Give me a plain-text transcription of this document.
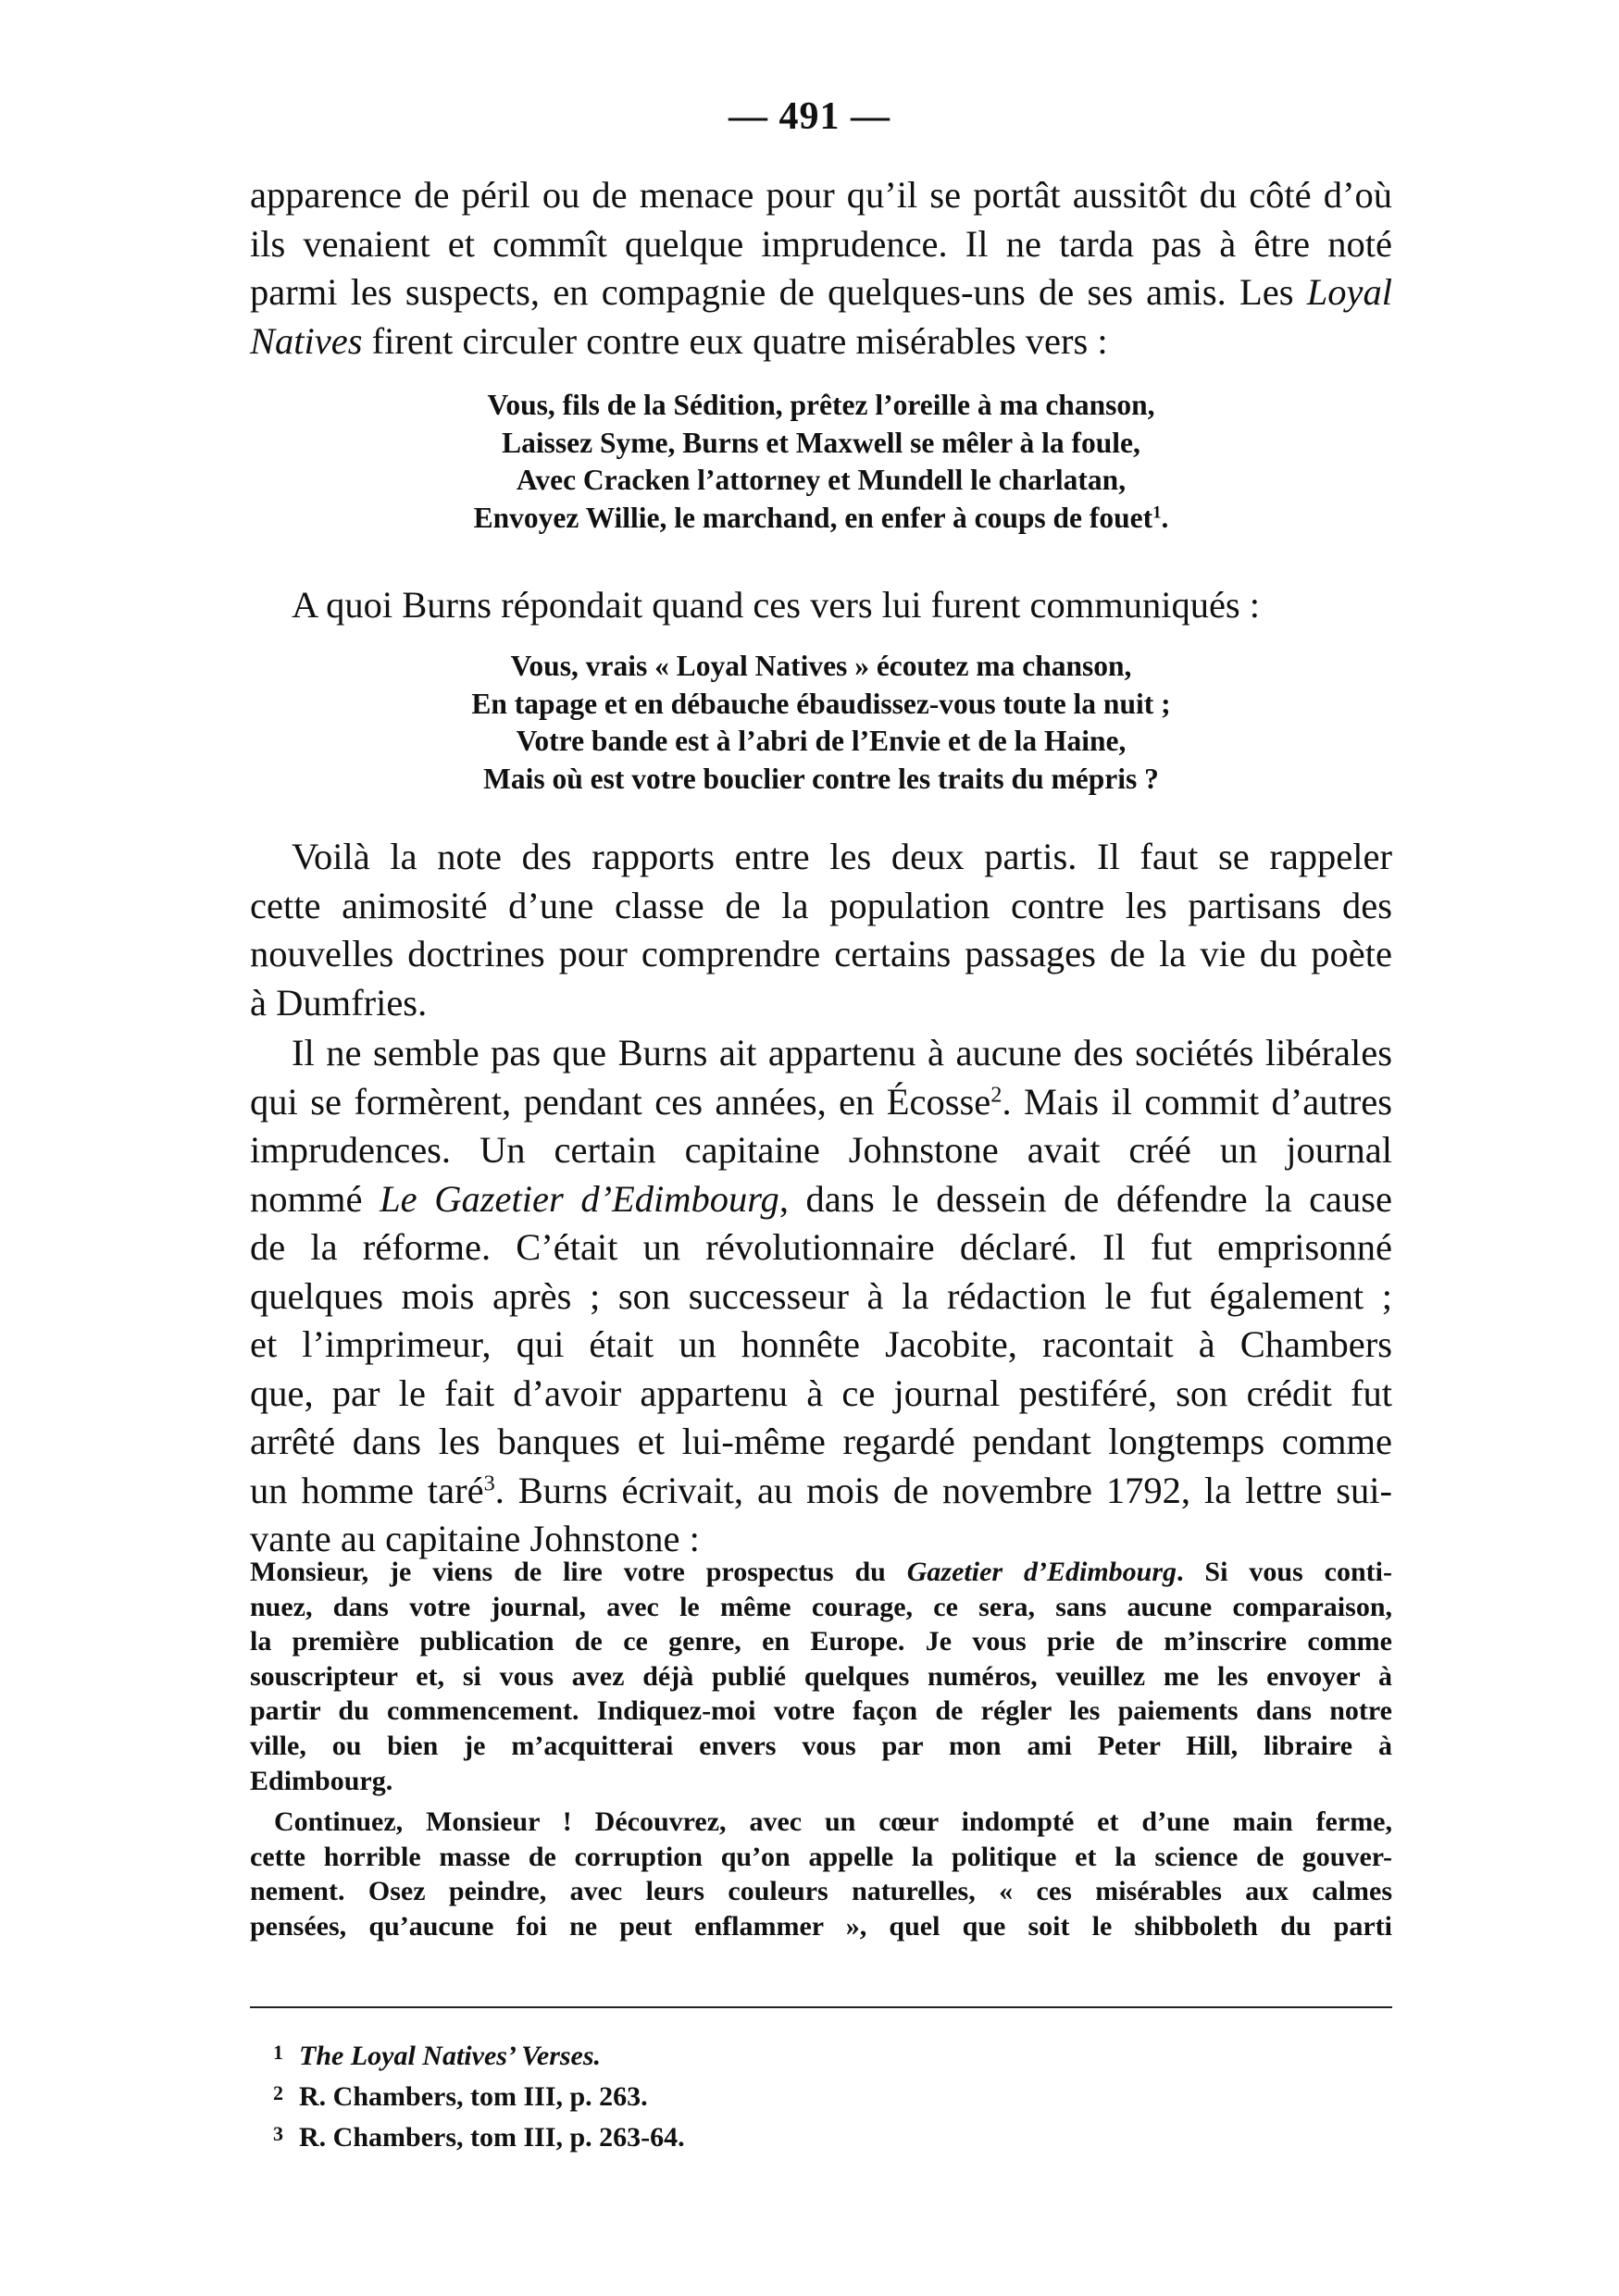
— 491 —

apparence de péril ou de menace pour qu’il se portât aussitôt du côté d’où
ils venaient et commît quelque imprudence. Il ne tarda pas à être noté
parmi les suspects, en compagnie de quelques-uns de ses amis. Les Loyal
Natives firent circuler contre eux quatre misérables vers :

Vous, fils de la Sédition, prêtez l’oreille à ma chanson,
Laissez Syme, Burns et Maxwell se mêler à la foule,
Avec Cracken l’attorney et Mundell le charlatan,
Envoyez Willie, le marchand, en enfer à coups de fouet$^1$.

A quoi Burns répondait quand ces vers lui furent communiqués :

Vous, vrais « Loyal Natives » écoutez ma chanson,
En tapage et en débauche ébaudissez-vous toute la nuit ;
Votre bande est à l’abri de l’Envie et de la Haine,
Mais où est votre bouclier contre les traits du mépris ?

Voilà la note des rapports entre les deux partis. Il faut se rappeler
cette animosité d’une classe de la population contre les partisans des
nouvelles doctrines pour comprendre certains passages de la vie du poète
à Dumfries.

Il ne semble pas que Burns ait appartenu à aucune des sociétés libérales
qui se formèrent, pendant ces années, en Écosse$^2$. Mais il commit d’autres
imprudences. Un certain capitaine Johnstone avait créé un journal
nommé Le Gazetier d’Edimbourg, dans le dessein de défendre la cause
de la réforme. C’était un révolutionnaire déclaré. Il fut emprisonné
quelques mois après ; son successeur à la rédaction le fut également ;
et l’imprimeur, qui était un honnête Jacobite, racontait à Chambers
que, par le fait d’avoir appartenu à ce journal pestiféré, son crédit fut
arrêté dans les banques et lui-même regardé pendant longtemps comme
un homme taré$^3$. Burns écrivait, au mois de novembre 1792, la lettre sui-
vante au capitaine Johnstone :

Monsieur, je viens de lire votre prospectus du Gazetier d’Edimbourg. Si vous conti-
nuez, dans votre journal, avec le même courage, ce sera, sans aucune comparaison,
la première publication de ce genre, en Europe. Je vous prie de m’inscrire comme
souscripteur et, si vous avez déjà publié quelques numéros, veuillez me les envoyer à
partir du commencement. Indiquez-moi votre façon de régler les paiements dans notre
ville, ou bien je m’acquitterai envers vous par mon ami Peter Hill, libraire à
Edimbourg.

Continuez, Monsieur ! Découvrez, avec un cœur indompté et d’une main ferme,
cette horrible masse de corruption qu’on appelle la politique et la science de gouver-
nement. Osez peindre, avec leurs couleurs naturelles, « ces misérables aux calmes
pensées, qu’aucune foi ne peut enflammer », quel que soit le shibboleth du parti

1 The Loyal Natives’ Verses.
2 R. Chambers, tom III, p. 263.
3 R. Chambers, tom III, p. 263-64.
